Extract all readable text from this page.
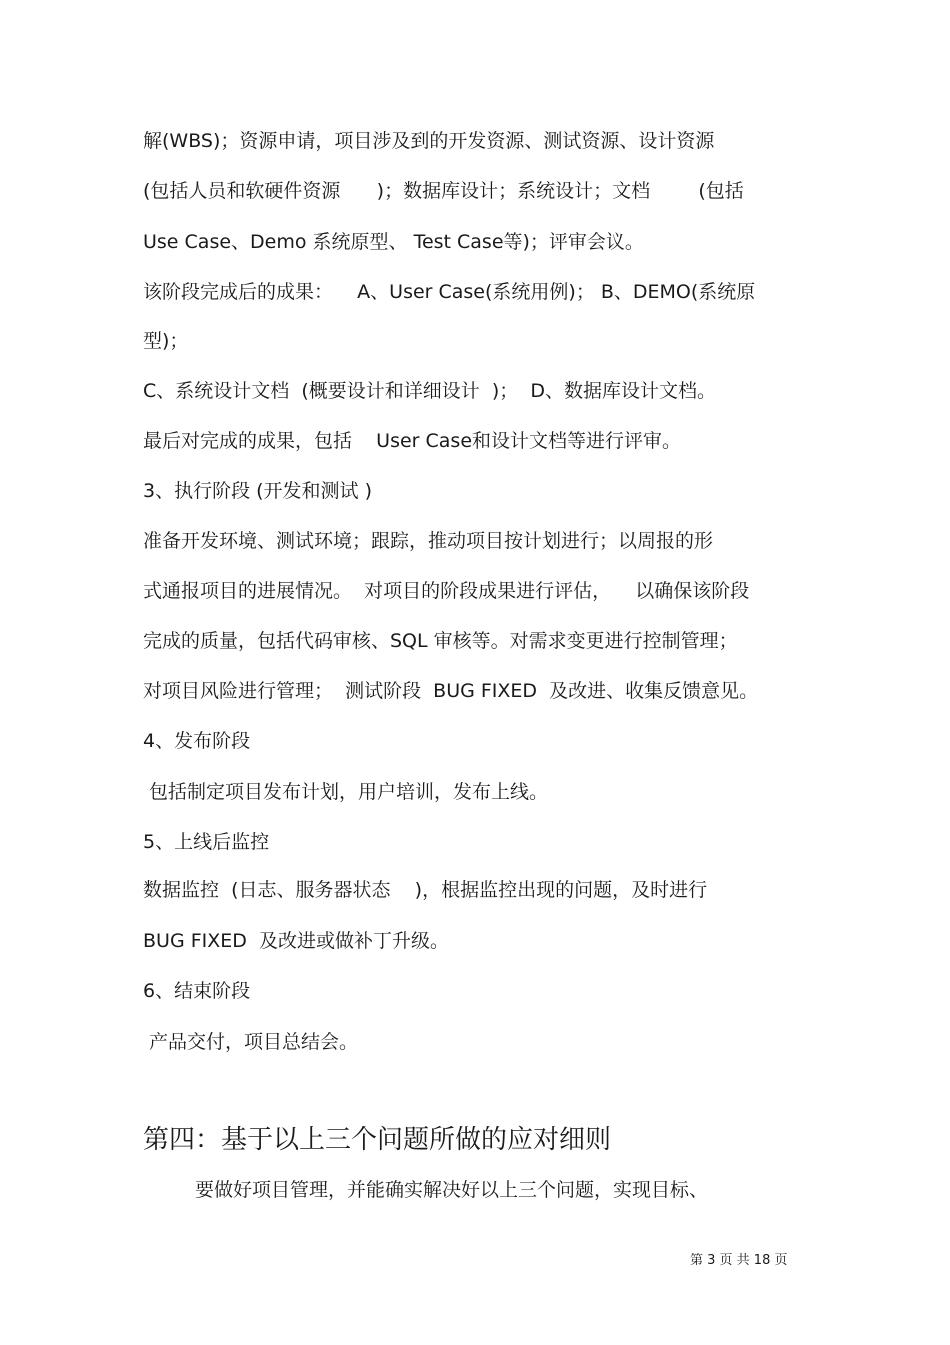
解(WBS)；资源申请，项目涉及到的开发资源、测试资源、设计资源

(包括人员和软硬件资源      )；数据库设计；系统设计；文档        (包括

Use Case、Demo 系统原型、 Test Case等)；评审会议。

该阶段完成后的成果：    A、User Case(系统用例)； B、DEMO(系统原

型)；

C、系统设计文档  (概要设计和详细设计  )；  D、数据库设计文档。

最后对完成的成果，包括    User Case和设计文档等进行评审。

3、执行阶段 (开发和测试 )

准备开发环境、测试环境；跟踪，推动项目按计划进行；以周报的形

式通报项目的进展情况。  对项目的阶段成果进行评估，    以确保该阶段

完成的质量，包括代码审核、SQL 审核等。对需求变更进行控制管理；

对项目风险进行管理；  测试阶段  BUG FIXED  及改进、收集反馈意见。

4、发布阶段

包括制定项目发布计划，用户培训，发布上线。

5、上线后监控

数据监控  (日志、服务器状态    )，根据监控出现的问题，及时进行

BUG FIXED  及改进或做补丁升级。

6、结束阶段

产品交付，项目总结会。

第四：基于以上三个问题所做的应对细则

要做好项目管理，并能确实解决好以上三个问题，实现目标、

第 3 页 共 18 页
